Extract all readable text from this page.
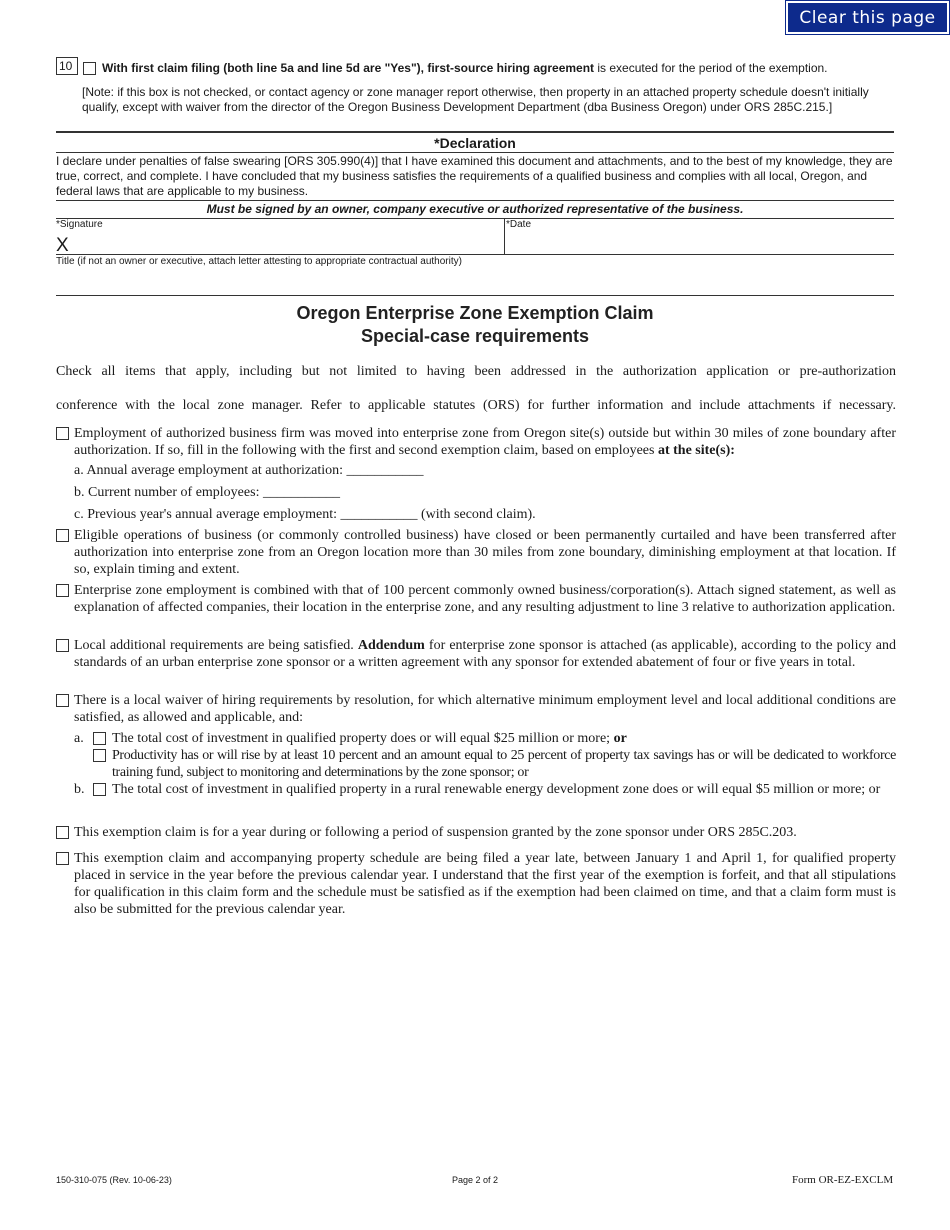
Clear this page
10	With first claim filing (both line 5a and line 5d are "Yes"), first-source hiring agreement is executed for the period of the exemption.
[Note: if this box is not checked, or contact agency or zone manager report otherwise, then property in an attached property schedule doesn't initially qualify, except with waiver from the director of the Oregon Business Development Department (dba Business Oregon) under ORS 285C.215.]
*Declaration
I declare under penalties of false swearing [ORS 305.990(4)] that I have examined this document and attachments, and to the best of my knowledge, they are true, correct, and complete. I have concluded that my business satisfies the requirements of a qualified business and complies with all local, Oregon, and federal laws that are applicable to my business.
Must be signed by an owner, company executive or authorized representative of the business.
*Signature
X
*Date
Title (if not an owner or executive, attach letter attesting to appropriate contractual authority)
Oregon Enterprise Zone Exemption Claim
Special-case requirements
Check all items that apply, including but not limited to having been addressed in the authorization application or pre-authorization
conference with the local zone manager. Refer to applicable statutes (ORS) for further information and include attachments if necessary.
Employment of authorized business firm was moved into enterprise zone from Oregon site(s) outside but within 30 miles of zone boundary after authorization. If so, fill in the following with the first and second exemption claim, based on employees at the site(s):
a. Annual average employment at authorization: ___________
b. Current number of employees: ___________
c. Previous year's annual average employment: ___________ (with second claim).
Eligible operations of business (or commonly controlled business) have closed or been permanently curtailed and have been transferred after authorization into enterprise zone from an Oregon location more than 30 miles from zone boundary, diminishing employment at that location. If so, explain timing and extent.
Enterprise zone employment is combined with that of 100 percent commonly owned business/corporation(s). Attach signed statement, as well as explanation of affected companies, their location in the enterprise zone, and any resulting adjustment to line 3 relative to authorization application.
Local additional requirements are being satisfied. Addendum for enterprise zone sponsor is attached (as applicable), according to the policy and standards of an urban enterprise zone sponsor or a written agreement with any sponsor for extended abatement of four or five years in total.
There is a local waiver of hiring requirements by resolution, for which alternative minimum employment level and local additional conditions are satisfied, as allowed and applicable, and:
a. The total cost of investment in qualified property does or will equal $25 million or more; or
Productivity has or will rise by at least 10 percent and an amount equal to 25 percent of property tax savings has or will be dedicated to workforce training fund, subject to monitoring and determinations by the zone sponsor; or
b.	The total cost of investment in qualified property in a rural renewable energy development zone does or will equal $5 million or more; or
This exemption claim is for a year during or following a period of suspension granted by the zone sponsor under ORS 285C.203.
This exemption claim and accompanying property schedule are being filed a year late, between January 1 and April 1, for qualified property placed in service in the year before the previous calendar year. I understand that the first year of the exemption is forfeit, and that all stipulations for qualification in this claim form and the schedule must be satisfied as if the exemption had been claimed on time, and that a claim form must is also be submitted for the previous calendar year.
150-310-075 (Rev. 10-06-23)	Page 2 of 2	Form OR-EZ-EXCLM
